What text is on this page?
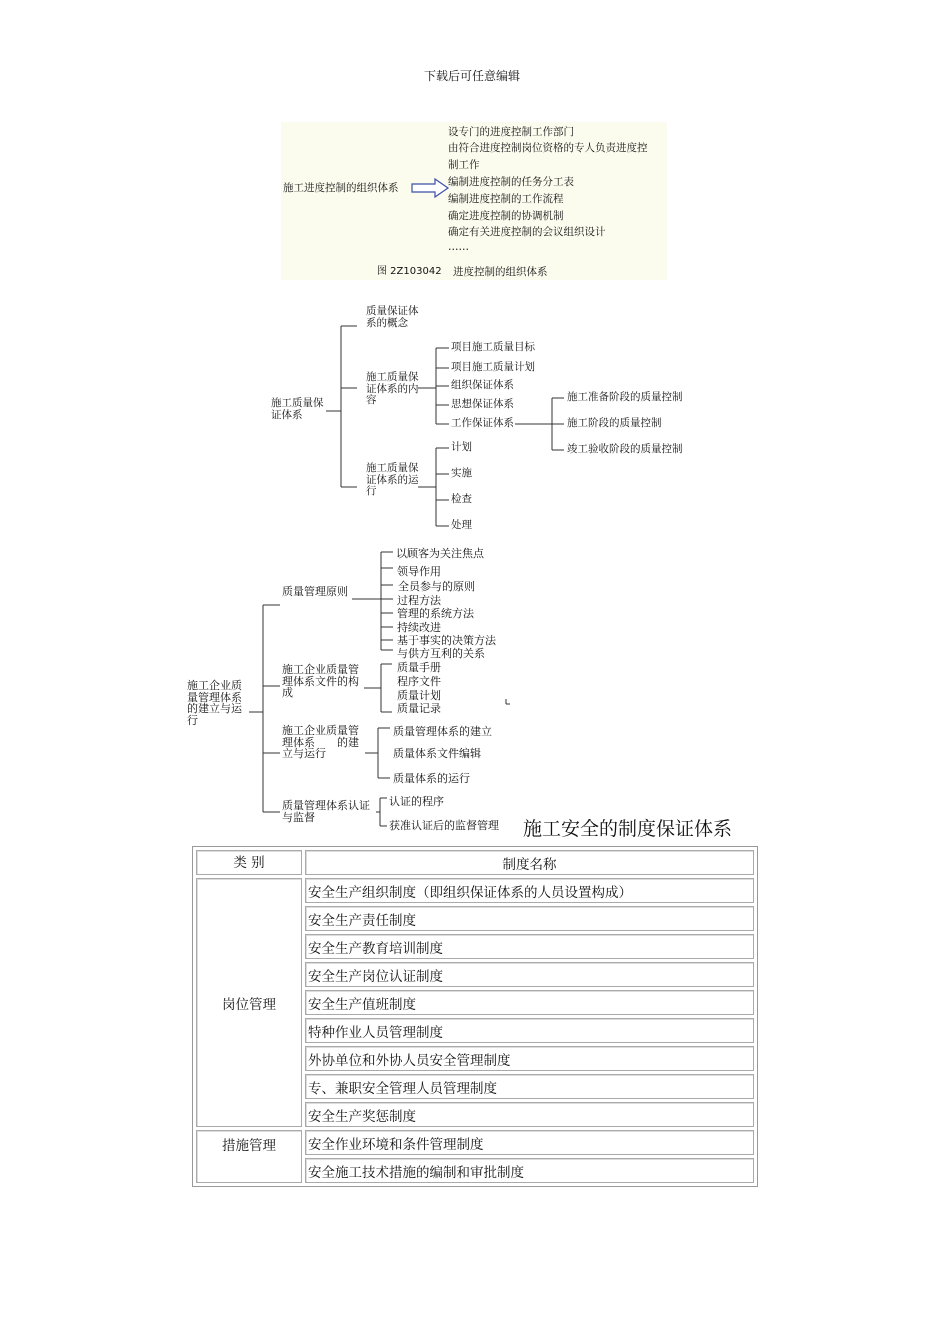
下载后可任意编辑
施工进度控制的组织体系
设专门的进度控制工作部门
由符合进度控制岗位资格的专人负责进度控
制工作
编制进度控制的任务分工表
编制进度控制的工作流程
确定进度控制的协调机制
确定有关进度控制的会议组织设计
……
图 2Z103042 进度控制的组织体系
施工质量保
证体系
质量保证体
系的概念
施工质量保
证体系的内
容
施工质量保
证体系的运
行
项目施工质量目标
项目施工质量计划
组织保证体系
思想保证体系
工作保证体系
施工准备阶段的质量控制
施工阶段的质量控制
竣工验收阶段的质量控制
计划
实施
检查
处理
施工企业质
量管理体系
的建立与运
行
质量管理原则
以顾客为关注焦点
领导作用
全员参与的原则
过程方法
管理的系统方法
持续改进
基于事实的决策方法
与供方互利的关系
施工企业质量管
理体系文件的构
成
质量手册
程序文件
质量计划
质量记录
施工企业质量管
理体系　　的建
立与运行
质量管理体系的建立
质量体系文件编辑
质量体系的运行
质量管理体系认证
与监督
认证的程序
获准认证后的监督管理 施工安全的制度保证体系
类 别	制度名称
岗位管理	安全生产组织制度（即组织保证体系的人员设置构成）
	安全生产责任制度
	安全生产教育培训制度
	安全生产岗位认证制度
	安全生产值班制度
	特种作业人员管理制度
	外协单位和外协人员安全管理制度
	专、兼职安全管理人员管理制度
	安全生产奖惩制度
措施管理	安全作业环境和条件管理制度
	安全施工技术措施的编制和审批制度
